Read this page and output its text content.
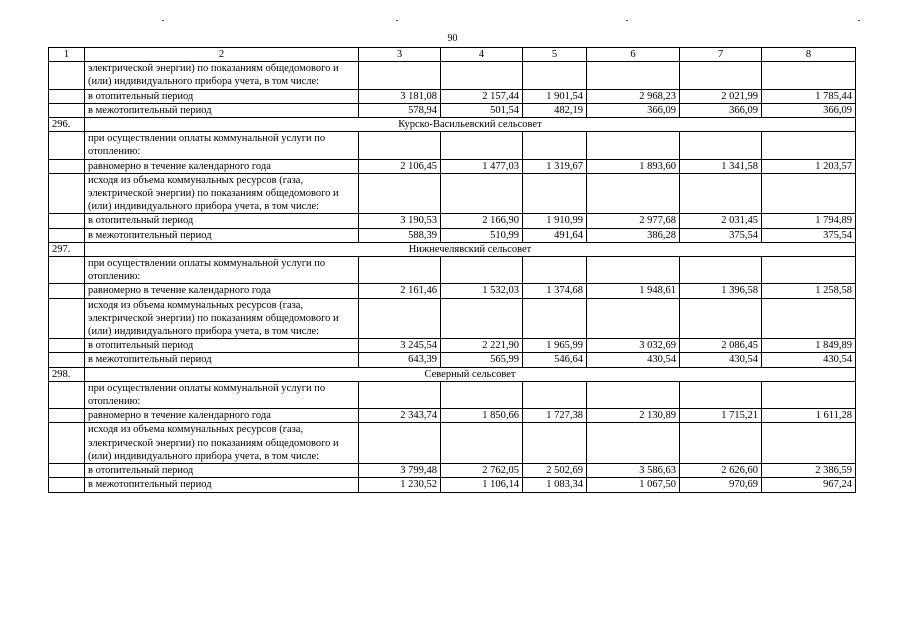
90
1	2	3	4	5	6	7	8
	электрической энергии) по показаниям общедомового и (или) индивидуального прибора учета, в том числе:						
	в отопительный период	3 181,08	2 157,44	1 901,54	2 968,23	2 021,99	1 785,44
	в межотопительный период	578,94	501,54	482,19	366,09	366,09	366,09
296.	Курско-Васильевский сельсовет						
	при осуществлении оплаты коммунальной услуги по отоплению:						
	равномерно в течение календарного года	2 106,45	1 477,03	1 319,67	1 893,60	1 341,58	1 203,57
	исходя из объема коммунальных ресурсов (газа, электрической энергии) по показаниям общедомового и (или) индивидуального прибора учета, в том числе:						
	в отопительный период	3 190,53	2 166,90	1 910,99	2 977,68	2 031,45	1 794,89
	в межотопительный период	588,39	510,99	491,64	386,28	375,54	375,54
297.	Нижнечелявский сельсовет						
	при осуществлении оплаты коммунальной услуги по отоплению:						
	равномерно в течение календарного года	2 161,46	1 532,03	1 374,68	1 948,61	1 396,58	1 258,58
	исходя из объема коммунальных ресурсов (газа, электрической энергии) по показаниям общедомового и (или) индивидуального прибора учета, в том числе:						
	в отопительный период	3 245,54	2 221,90	1 965,99	3 032,69	2 086,45	1 849,89
	в межотопительный период	643,39	565,99	546,64	430,54	430,54	430,54
298.	Северный сельсовет						
	при осуществлении оплаты коммунальной услуги по отоплению:						
	равномерно в течение календарного года	2 343,74	1 850,66	1 727,38	2 130,89	1 715,21	1 611,28
	исходя из объема коммунальных ресурсов (газа, электрической энергии) по показаниям общедомового и (или) индивидуального прибора учета, в том числе:						
	в отопительный период	3 799,48	2 762,05	2 502,69	3 586,63	2 626,60	2 386,59
	в межотопительный период	1 230,52	1 106,14	1 083,34	1 067,50	970,69	967,24
